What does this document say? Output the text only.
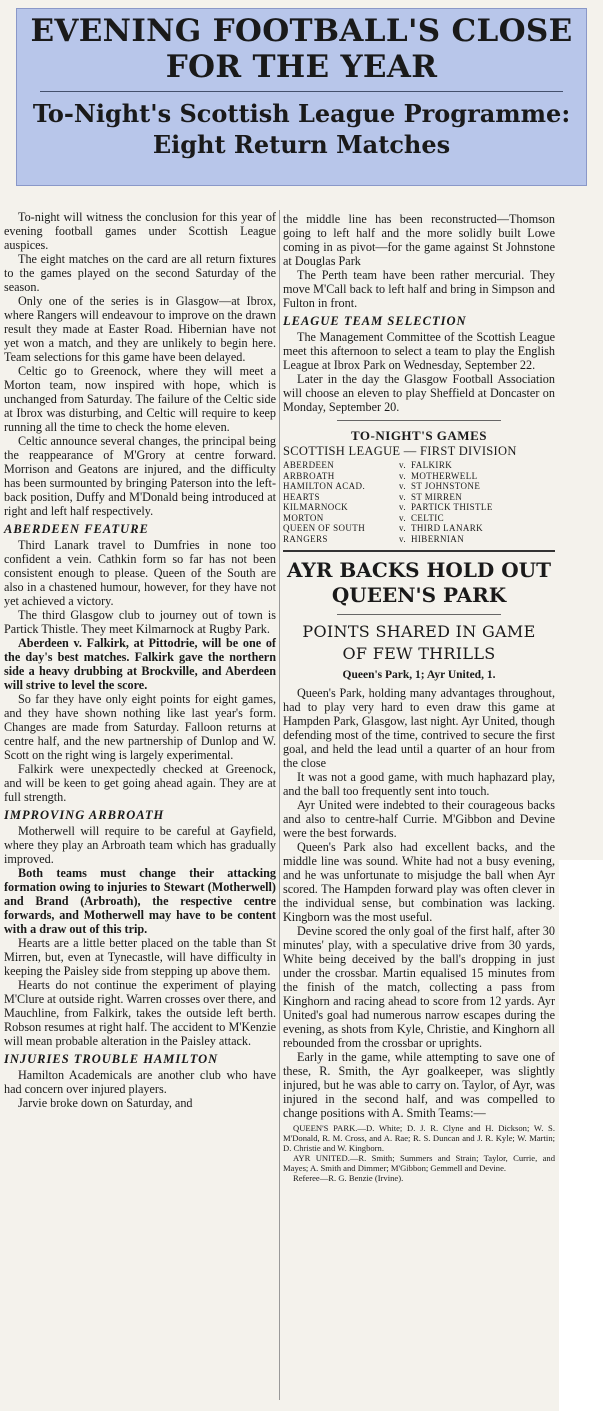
EVENING FOOTBALL'S CLOSE
FOR THE YEAR
To-Night's Scottish League Programme:
Eight Return Matches

To-night will witness the conclusion for this year of evening football games under Scottish League auspices.

The eight matches on the card are all return fixtures to the games played on the second Saturday of the season.

Only one of the series is in Glasgow—at Ibrox, where Rangers will endeavour to improve on the drawn result they made at Easter Road. Hibernian have not yet won a match, and they are unlikely to begin here. Team selections for this game have been delayed.

Celtic go to Greenock, where they will meet a Morton team, now inspired with hope, which is unchanged from Saturday. The failure of the Celtic side at Ibrox was disturbing, and Celtic will require to keep running all the time to check the home eleven.

Celtic announce several changes, the principal being the reappearance of M'Grory at centre forward. Morrison and Geatons are injured, and the difficulty has been surmounted by bringing Paterson into the left-back position, Duffy and M'Donald being introduced at right and left half respectively.

ABERDEEN FEATURE

Third Lanark travel to Dumfries in none too confident a vein. Cathkin form so far has not been consistent enough to please. Queen of the South are also in a chastened humour, however, for they have not yet achieved a victory.

The third Glasgow club to journey out of town is Partick Thistle. They meet Kilmarnock at Rugby Park.

Aberdeen v. Falkirk, at Pittodrie, will be one of the day's best matches. Falkirk gave the northern side a heavy drubbing at Brockville, and Aberdeen will strive to level the score.

So far they have only eight points for eight games, and they have shown nothing like last year's form. Changes are made from Saturday. Falloon returns at centre half, and the new partnership of Dunlop and W. Scott on the right wing is largely experimental.

Falkirk were unexpectedly checked at Greenock, and will be keen to get going ahead again. They are at full strength.

IMPROVING ARBROATH

Motherwell will require to be careful at Gayfield, where they play an Arbroath team which has gradually improved.

Both teams must change their attacking formation owing to injuries to Stewart (Motherwell) and Brand (Arbroath), the respective centre forwards, and Motherwell may have to be content with a draw out of this trip.

Hearts are a little better placed on the table than St Mirren, but, even at Tynecastle, will have difficulty in keeping the Paisley side from stepping up above them.

Hearts do not continue the experiment of playing M'Clure at outside right. Warren crosses over there, and Mauchline, from Falkirk, takes the outside left berth. Robson resumes at right half. The accident to M'Kenzie will mean probable alteration in the Paisley attack.

INJURIES TROUBLE HAMILTON

Hamilton Academicals are another club who have had concern over injured players.

Jarvie broke down on Saturday, and

the middle line has been reconstructed—Thomson going to left half and the more solidly built Lowe coming in as pivot—for the game against St Johnstone at Douglas Park

The Perth team have been rather mercurial. They move M'Call back to left half and bring in Simpson and Fulton in front.

LEAGUE TEAM SELECTION

The Management Committee of the Scottish League meet this afternoon to select a team to play the English League at Ibrox Park on Wednesday, September 22.

Later in the day the Glasgow Football Association will choose an eleven to play Sheffield at Doncaster on Monday, September 20.

TO-NIGHT'S GAMES
SCOTTISH LEAGUE — FIRST DIVISION
ABERDEEN	v.	FALKIRK
ARBROATH	v.	MOTHERWELL
HAMILTON ACAD.	v.	ST JOHNSTONE
HEARTS	v.	ST MIRREN
KILMARNOCK	v.	PARTICK THISTLE
MORTON	v.	CELTIC
QUEEN OF SOUTH	v.	THIRD LANARK
RANGERS	v.	HIBERNIAN
AYR BACKS HOLD OUT
QUEEN'S PARK
POINTS SHARED IN GAME
OF FEW THRILLS
Queen's Park, 1; Ayr United, 1.

Queen's Park, holding many advantages throughout, had to play very hard to even draw this game at Hampden Park, Glasgow, last night. Ayr United, though defending most of the time, contrived to secure the first goal, and held the lead until a quarter of an hour from the close

It was not a good game, with much haphazard play, and the ball too frequently sent into touch.

Ayr United were indebted to their courageous backs and also to centre-half Currie. M'Gibbon and Devine were the best forwards.

Queen's Park also had excellent backs, and the middle line was sound. White had not a busy evening, and he was unfortunate to misjudge the ball when Ayr scored. The Hampden forward play was often clever in the individual sense, but combination was lacking. Kingborn was the most useful.

Devine scored the only goal of the first half, after 30 minutes' play, with a speculative drive from 30 yards, White being deceived by the ball's dropping in just under the crossbar. Martin equalised 15 minutes from the finish of the match, collecting a pass from Kinghorn and racing ahead to score from 12 yards. Ayr United's goal had numerous narrow escapes during the evening, as shots from Kyle, Christie, and Kinghorn all rebounded from the crossbar or uprights.

Early in the game, while attempting to save one of these, R. Smith, the Ayr goalkeeper, was slightly injured, but he was able to carry on. Taylor, of Ayr, was injured in the second half, and was compelled to change positions with A. Smith Teams:—

QUEEN'S PARK.—D. White; D. J. R. Clyne and H. Dickson; W. S. M'Donald, R. M. Cross, and A. Rae; R. S. Duncan and J. R. Kyle; W. Martin; D. Christie and W. Kingborn.

AYR UNITED.—R. Smith; Summers and Strain; Taylor, Currie, and Mayes; A. Smith and Dimmer; M'Gibbon; Gemmell and Devine.

Referee—R. G. Benzie (Irvine).
